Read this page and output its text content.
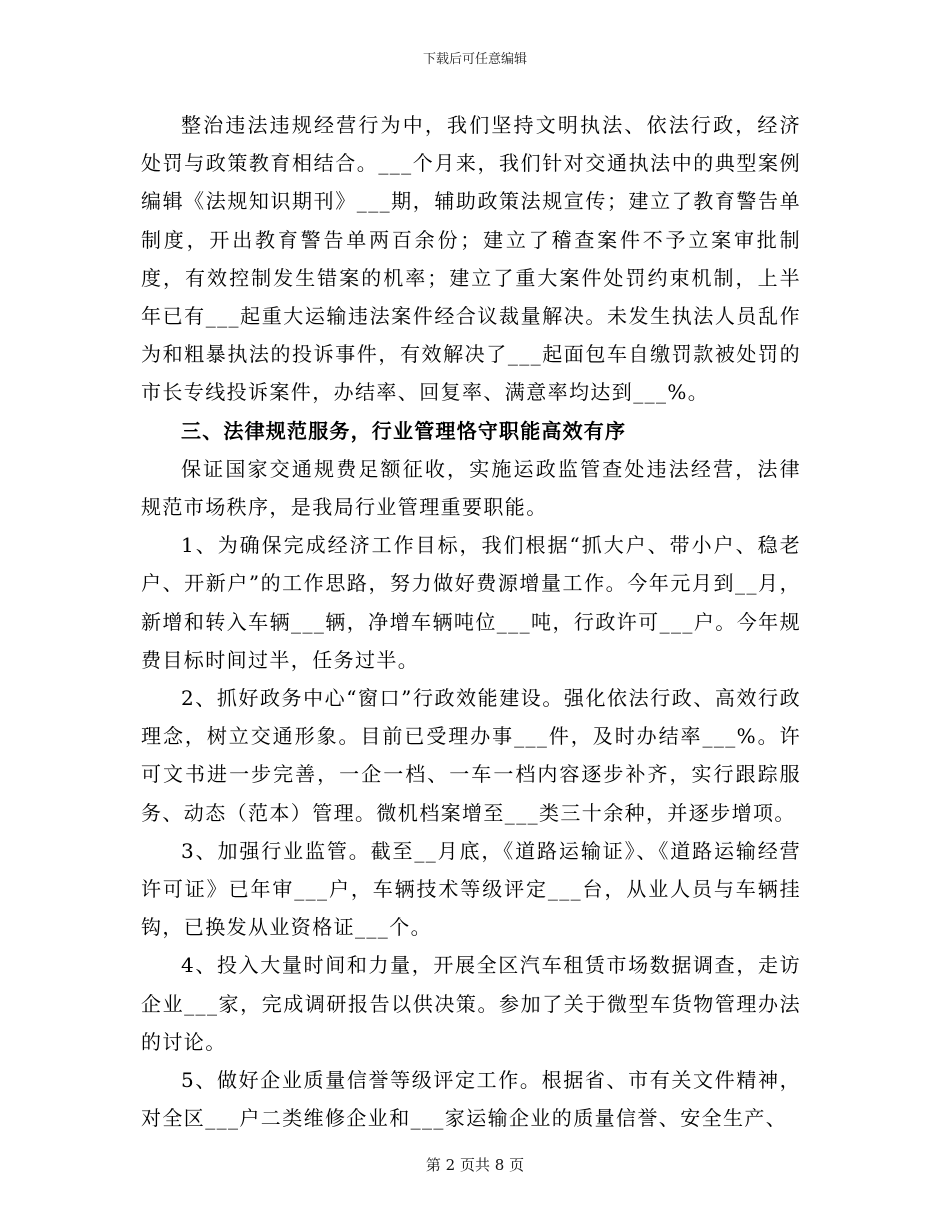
下载后可任意编辑

整治违法违规经营行为中，我们坚持文明执法、依法行政，经济处罚与政策教育相结合。___个月来，我们针对交通执法中的典型案例编辑《法规知识期刊》___期，辅助政策法规宣传；建立了教育警告单制度，开出教育警告单两百余份；建立了稽查案件不予立案审批制度，有效控制发生错案的机率；建立了重大案件处罚约束机制，上半年已有___起重大运输违法案件经合议裁量解决。未发生执法人员乱作为和粗暴执法的投诉事件，有效解决了___起面包车自缴罚款被处罚的市长专线投诉案件，办结率、回复率、满意率均达到___%。

三、法律规范服务，行业管理恪守职能高效有序

保证国家交通规费足额征收，实施运政监管查处违法经营，法律规范市场秩序，是我局行业管理重要职能。

1、为确保完成经济工作目标，我们根据“抓大户、带小户、稳老户、开新户”的工作思路，努力做好费源增量工作。今年元月到__月，新增和转入车辆___辆，净增车辆吨位___吨，行政许可___户。今年规费目标时间过半，任务过半。

2、抓好政务中心“窗口”行政效能建设。强化依法行政、高效行政理念，树立交通形象。目前已受理办事___件，及时办结率___%。许可文书进一步完善，一企一档、一车一档内容逐步补齐，实行跟踪服务、动态（范本）管理。微机档案增至___类三十余种，并逐步增项。

3、加强行业监管。截至__月底，《道路运输证》、《道路运输经营许可证》已年审___户，车辆技术等级评定___台，从业人员与车辆挂钩，已换发从业资格证___个。

4、投入大量时间和力量，开展全区汽车租赁市场数据调查，走访企业___家，完成调研报告以供决策。参加了关于微型车货物管理办法的讨论。

5、做好企业质量信誉等级评定工作。根据省、市有关文件精神，对全区___户二类维修企业和___家运输企业的质量信誉、安全生产、

第 2 页共 8 页
